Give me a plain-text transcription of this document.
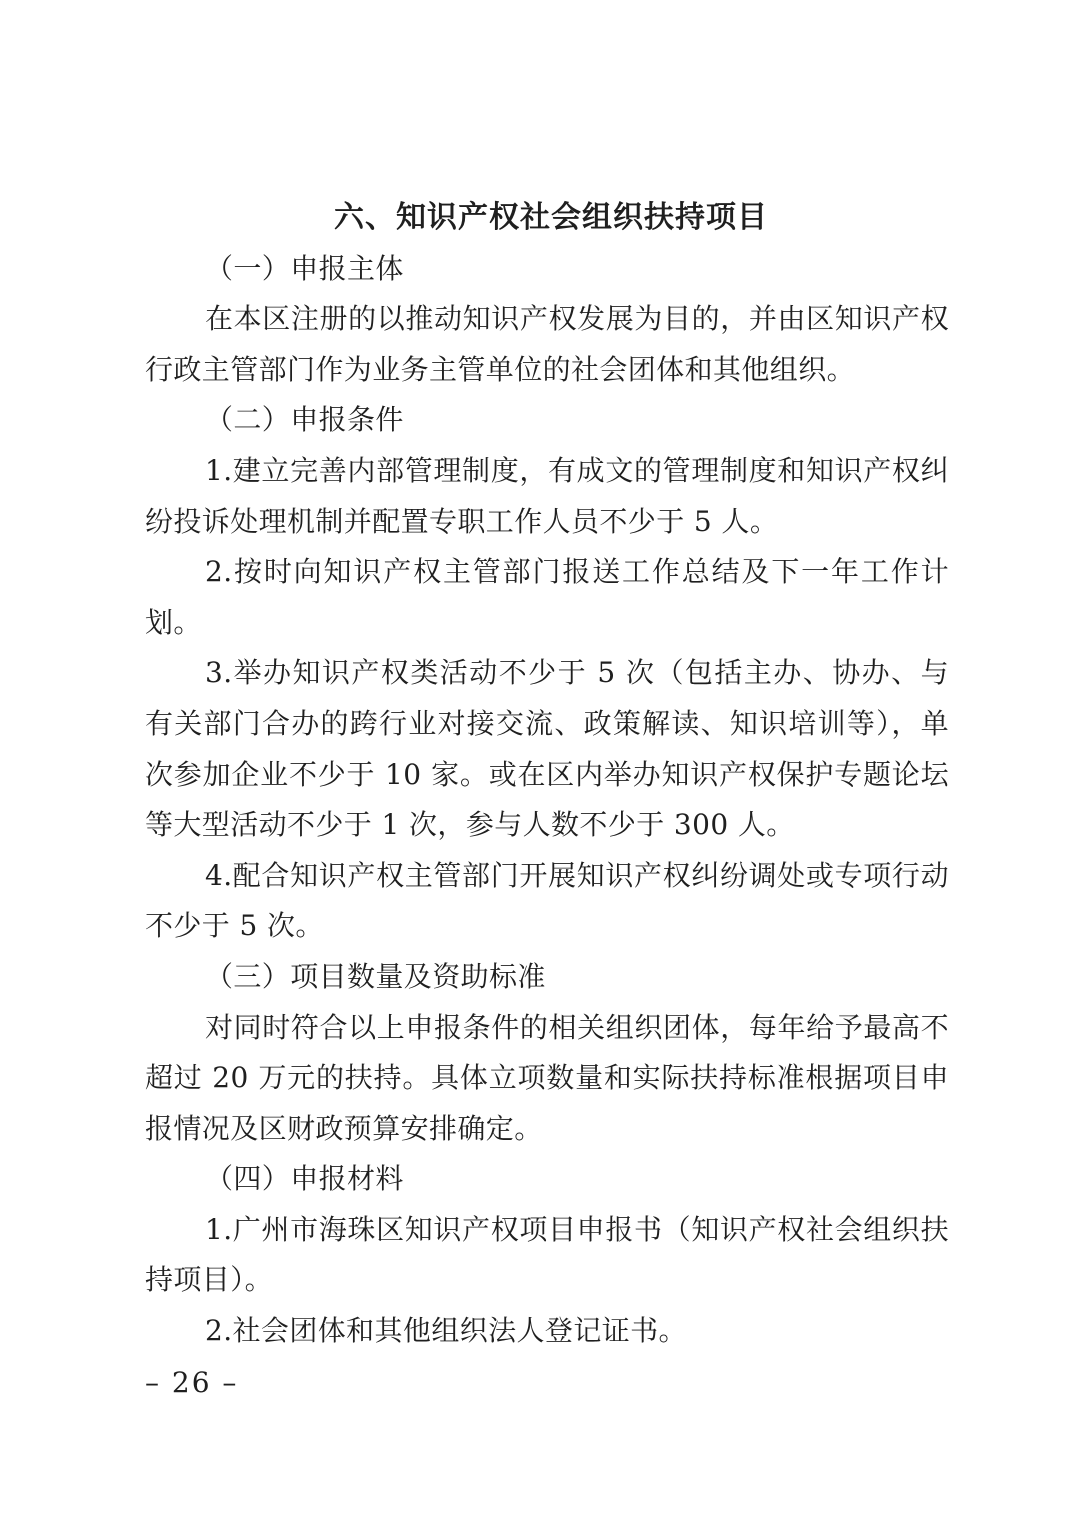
六、知识产权社会组织扶持项目
（一）申报主体

在本区注册的以推动知识产权发展为目的，并由区知识产权行政主管部门作为业务主管单位的社会团体和其他组织。

（二）申报条件

1.建立完善内部管理制度，有成文的管理制度和知识产权纠纷投诉处理机制并配置专职工作人员不少于 5 人。

2.按时向知识产权主管部门报送工作总结及下一年工作计划。

3.举办知识产权类活动不少于 5 次（包括主办、协办、与有关部门合办的跨行业对接交流、政策解读、知识培训等），单次参加企业不少于 10 家。或在区内举办知识产权保护专题论坛等大型活动不少于 1 次，参与人数不少于 300 人。

4.配合知识产权主管部门开展知识产权纠纷调处或专项行动不少于 5 次。

（三）项目数量及资助标准

对同时符合以上申报条件的相关组织团体，每年给予最高不超过 20 万元的扶持。具体立项数量和实际扶持标准根据项目申报情况及区财政预算安排确定。

（四）申报材料

1.广州市海珠区知识产权项目申报书（知识产权社会组织扶持项目）。

2.社会团体和其他组织法人登记证书。

– 26 –
